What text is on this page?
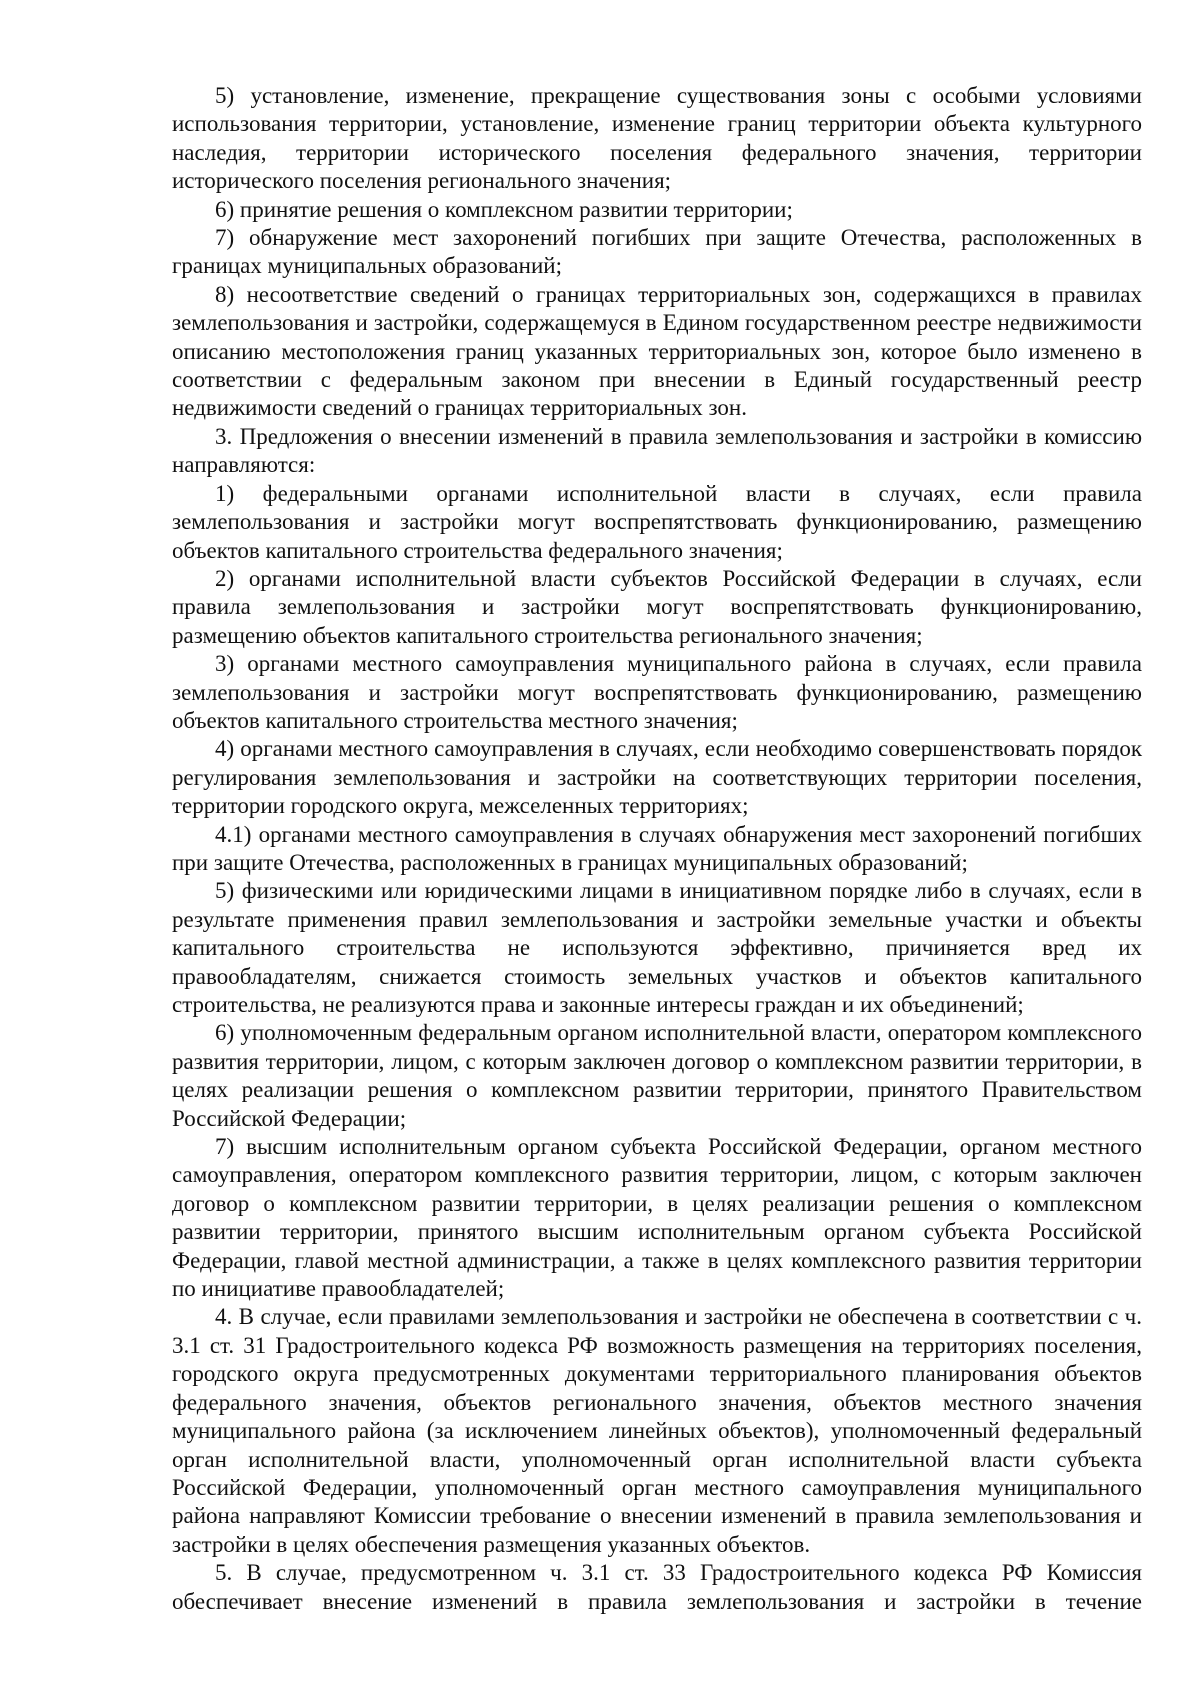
5) установление, изменение, прекращение существования зоны с особыми условиями использования территории, установление, изменение границ территории объекта культурного наследия, территории исторического поселения федерального значения, территории исторического поселения регионального значения;

6) принятие решения о комплексном развитии территории;

7) обнаружение мест захоронений погибших при защите Отечества, расположенных в границах муниципальных образований;

8) несоответствие сведений о границах территориальных зон, содержащихся в правилах землепользования и застройки, содержащемуся в Едином государственном реестре недвижимости описанию местоположения границ указанных территориальных зон, которое было изменено в соответствии с федеральным законом при внесении в Единый государственный реестр недвижимости сведений о границах территориальных зон.

3. Предложения о внесении изменений в правила землепользования и застройки в комиссию направляются:

1) федеральными органами исполнительной власти в случаях, если правила землепользования и застройки могут воспрепятствовать функционированию, размещению объектов капитального строительства федерального значения;

2) органами исполнительной власти субъектов Российской Федерации в случаях, если правила землепользования и застройки могут воспрепятствовать функционированию, размещению объектов капитального строительства регионального значения;

3) органами местного самоуправления муниципального района в случаях, если правила землепользования и застройки могут воспрепятствовать функционированию, размещению объектов капитального строительства местного значения;

4) органами местного самоуправления в случаях, если необходимо совершенствовать порядок регулирования землепользования и застройки на соответствующих территории поселения, территории городского округа, межселенных территориях;

4.1) органами местного самоуправления в случаях обнаружения мест захоронений погибших при защите Отечества, расположенных в границах муниципальных образований;

5) физическими или юридическими лицами в инициативном порядке либо в случаях, если в результате применения правил землепользования и застройки земельные участки и объекты капитального строительства не используются эффективно, причиняется вред их правообладателям, снижается стоимость земельных участков и объектов капитального строительства, не реализуются права и законные интересы граждан и их объединений;

6) уполномоченным федеральным органом исполнительной власти, оператором комплексного развития территории, лицом, с которым заключен договор о комплексном развитии территории, в целях реализации решения о комплексном развитии территории, принятого Правительством Российской Федерации;

7) высшим исполнительным органом субъекта Российской Федерации, органом местного самоуправления, оператором комплексного развития территории, лицом, с которым заключен договор о комплексном развитии территории, в целях реализации решения о комплексном развитии территории, принятого высшим исполнительным органом субъекта Российской Федерации, главой местной администрации, а также в целях комплексного развития территории по инициативе правообладателей;

4. В случае, если правилами землепользования и застройки не обеспечена в соответствии с ч. 3.1 ст. 31 Градостроительного кодекса РФ возможность размещения на территориях поселения, городского округа предусмотренных документами территориального планирования объектов федерального значения, объектов регионального значения, объектов местного значения муниципального района (за исключением линейных объектов), уполномоченный федеральный орган исполнительной власти, уполномоченный орган исполнительной власти субъекта Российской Федерации, уполномоченный орган местного самоуправления муниципального района направляют Комиссии требование о внесении изменений в правила землепользования и застройки в целях обеспечения размещения указанных объектов.

5. В случае, предусмотренном ч. 3.1 ст. 33 Градостроительного кодекса РФ Комиссия обеспечивает внесение изменений в правила землепользования и застройки в течение
